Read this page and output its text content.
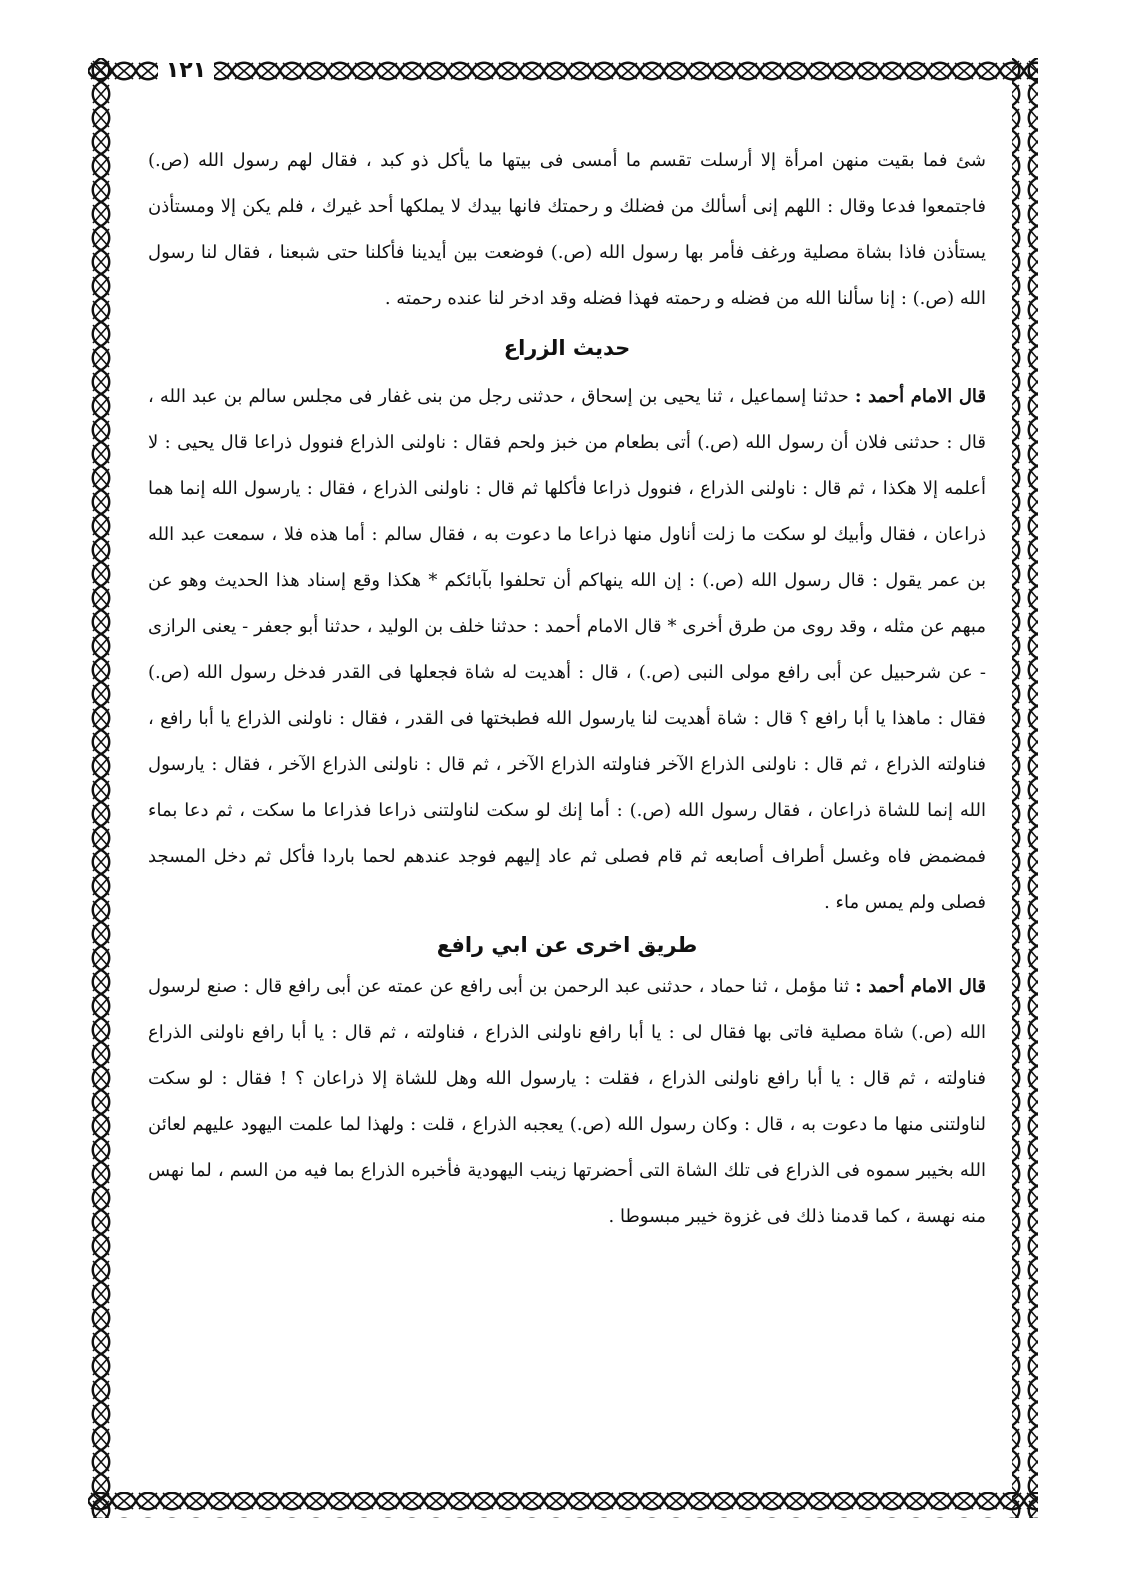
١٢١

شئ فما بقيت منهن امرأة إلا أرسلت تقسم ما أمسى فى بيتها ما يأكل ذو كبد ، فقال لهم رسول الله (ص.) فاجتمعوا فدعا وقال : اللهم إنى أسألك من فضلك و رحمتك فانها بيدك لا يملكها أحد غيرك ، فلم يكن إلا ومستأذن يستأذن فاذا بشاة مصلية ورغف فأمر بها رسول الله (ص.) فوضعت بين أيدينا فأكلنا حتى شبعنا ، فقال لنا رسول الله (ص.) : إنا سألنا الله من فضله و رحمته فهذا فضله وقد ادخر لنا عنده رحمته .

حديث الزراع

قال الامام أحمد : حدثنا إسماعيل ، ثنا يحيى بن إسحاق ، حدثنى رجل من بنى غفار فى مجلس سالم بن عبد الله ، قال : حدثنى فلان أن رسول الله (ص.) أتى بطعام من خبز ولحم فقال : ناولنى الذراع فنوول ذراعا قال يحيى : لا أعلمه إلا هكذا ، ثم قال : ناولنى الذراع ، فنوول ذراعا فأكلها ثم قال : ناولنى الذراع ، فقال : يارسول الله إنما هما ذراعان ، فقال وأبيك لو سكت ما زلت أناول منها ذراعا ما دعوت به ، فقال سالم : أما هذه فلا ، سمعت عبد الله بن عمر يقول : قال رسول الله (ص.) : إن الله ينهاكم أن تحلفوا بآبائكم * هكذا وقع إسناد هذا الحديث وهو عن مبهم عن مثله ، وقد روى من طرق أخرى * قال الامام أحمد : حدثنا خلف بن الوليد ، حدثنا أبو جعفر - يعنى الرازى - عن شرحبيل عن أبى رافع مولى النبى (ص.) ، قال : أهديت له شاة فجعلها فى القدر فدخل رسول الله (ص.) فقال : ماهذا يا أبا رافع ؟ قال : شاة أهديت لنا يارسول الله فطبختها فى القدر ، فقال : ناولنى الذراع يا أبا رافع ، فناولته الذراع ، ثم قال : ناولنى الذراع الآخر فناولته الذراع الآخر ، ثم قال : ناولنى الذراع الآخر ، فقال : يارسول الله إنما للشاة ذراعان ، فقال رسول الله (ص.) : أما إنك لو سكت لناولتنى ذراعا فذراعا ما سكت ، ثم دعا بماء فمضمض فاه وغسل أطراف أصابعه ثم قام فصلى ثم عاد إليهم فوجد عندهم لحما باردا فأكل ثم دخل المسجد فصلى ولم يمس ماء .

طريق اخرى عن ابي رافع

قال الامام أحمد : ثنا مؤمل ، ثنا حماد ، حدثنى عبد الرحمن بن أبى رافع عن عمته عن أبى رافع قال : صنع لرسول الله (ص.) شاة مصلية فاتى بها فقال لى : يا أبا رافع ناولنى الذراع ، فناولته ، ثم قال : يا أبا رافع ناولنى الذراع فناولته ، ثم قال : يا أبا رافع ناولنى الذراع ، فقلت : يارسول الله وهل للشاة إلا ذراعان ؟ ! فقال : لو سكت لناولتنى منها ما دعوت به ، قال : وكان رسول الله (ص.) يعجبه الذراع ، قلت : ولهذا لما علمت اليهود عليهم لعائن الله بخيبر سموه فى الذراع فى تلك الشاة التى أحضرتها زينب اليهودية فأخبره الذراع بما فيه من السم ، لما نهس منه نهسة ، كما قدمنا ذلك فى غزوة خيبر مبسوطا .
